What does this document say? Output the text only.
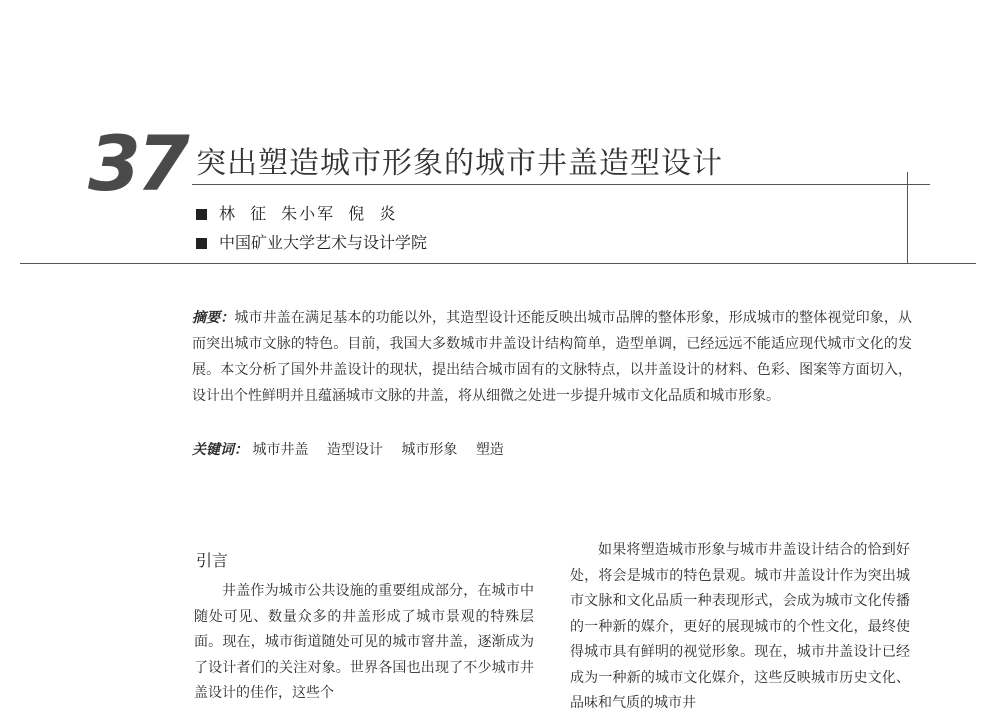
37 突出塑造城市形象的城市井盖造型设计
林 征 朱小军 倪 炎
中国矿业大学艺术与设计学院
摘要：城市井盖在满足基本的功能以外，其造型设计还能反映出城市品牌的整体形象，形成城市的整体视觉印象，从而突出城市文脉的特色。目前，我国大多数城市井盖设计结构简单，造型单调，已经远远不能适应现代城市文化的发展。本文分析了国外井盖设计的现状，提出结合城市固有的文脉特点，以井盖设计的材料、色彩、图案等方面切入，设计出个性鲜明并且蕴涵城市文脉的井盖，将从细微之处进一步提升城市文化品质和城市形象。
关键词： 城市井盖 造型设计 城市形象 塑造
引言

井盖作为城市公共设施的重要组成部分，在城市中随处可见、数量众多的井盖形成了城市景观的特殊层面。现在，城市街道随处可见的城市窨井盖，逐渐成为了设计者们的关注对象。世界各国也出现了不少城市井盖设计的佳作，这些个

如果将塑造城市形象与城市井盖设计结合的恰到好处，将会是城市的特色景观。城市井盖设计作为突出城市文脉和文化品质一种表现形式，会成为城市文化传播的一种新的媒介，更好的展现城市的个性文化，最终使得城市具有鲜明的视觉形象。现在，城市井盖设计已经成为一种新的城市文化媒介，这些反映城市历史文化、品味和气质的城市井
